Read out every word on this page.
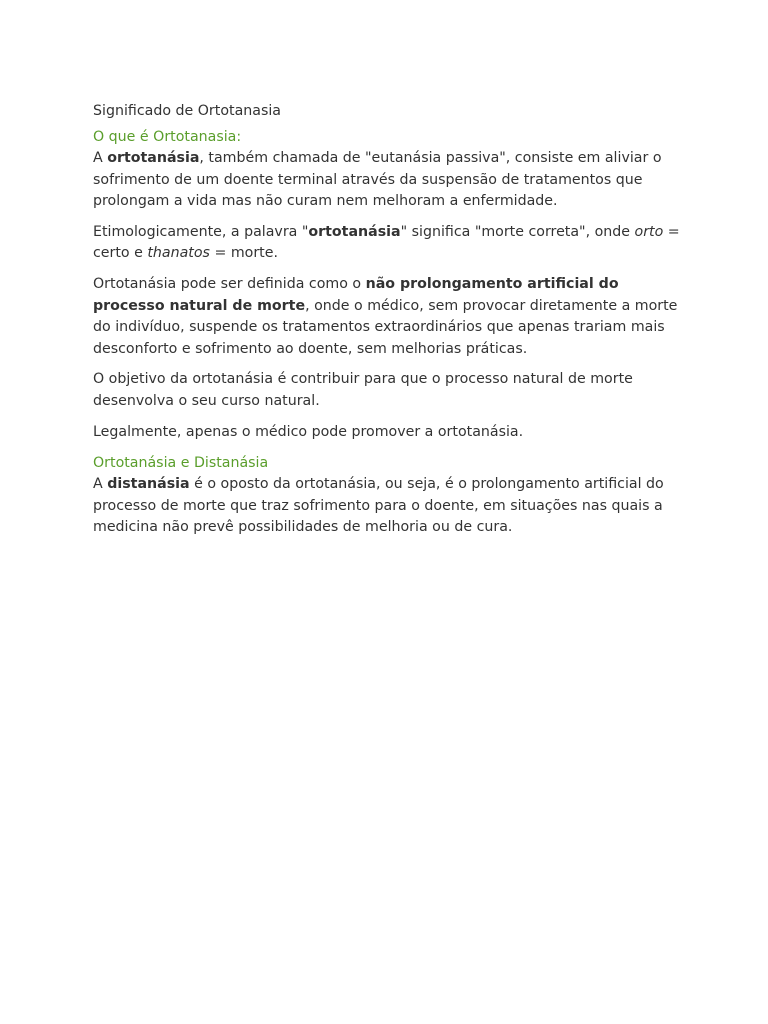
Significado de Ortotanasia
O que é Ortotanasia:

A ortotanásia, também chamada de "eutanásia passiva", consiste em aliviar o sofrimento de um doente terminal através da suspensão de tratamentos que prolongam a vida mas não curam nem melhoram a enfermidade.

Etimologicamente, a palavra "ortotanásia" significa "morte correta", onde orto = certo e thanatos = morte.

Ortotanásia pode ser definida como o não prolongamento artificial do processo natural de morte, onde o médico, sem provocar diretamente a morte do indivíduo, suspende os tratamentos extraordinários que apenas trariam mais desconforto e sofrimento ao doente, sem melhorias práticas.

O objetivo da ortotanásia é contribuir para que o processo natural de morte desenvolva o seu curso natural.

Legalmente, apenas o médico pode promover a ortotanásia.

Ortotanásia e Distanásia

A distanásia é o oposto da ortotanásia, ou seja, é o prolongamento artificial do processo de morte que traz sofrimento para o doente, em situações nas quais a medicina não prevê possibilidades de melhoria ou de cura.
